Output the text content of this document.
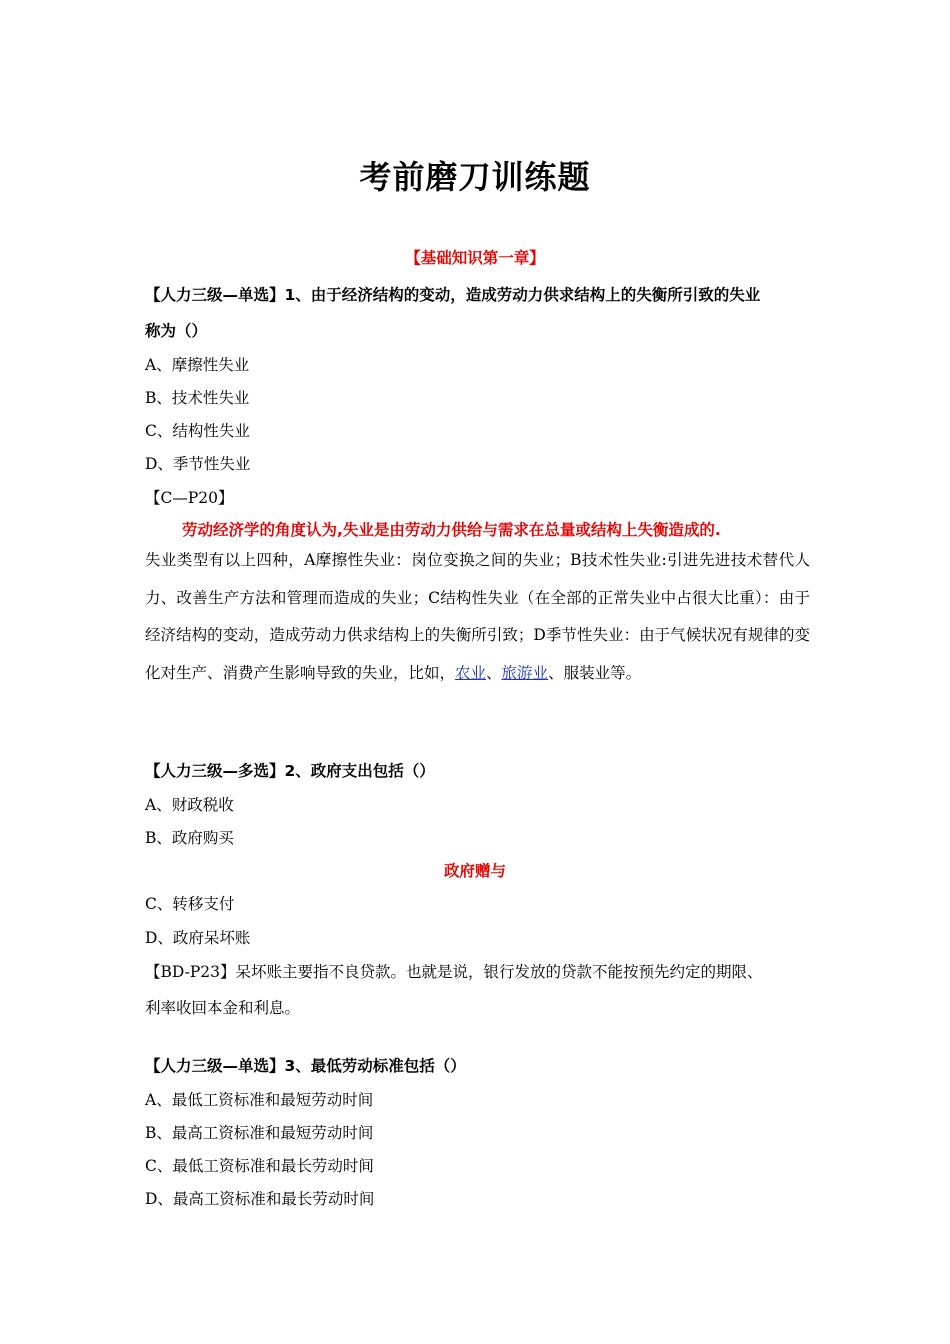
考前磨刀训练题
【基础知识第一章】
【人力三级—单选】1、由于经济结构的变动，造成劳动力供求结构上的失衡所引致的失业
称为（）
A、摩擦性失业
B、技术性失业
C、结构性失业
D、季节性失业
【C—P20】
劳动经济学的角度认为,失业是由劳动力供给与需求在总量或结构上失衡造成的.
失业类型有以上四种，A摩擦性失业：岗位变换之间的失业；B技术性失业:引进先进技术替代人力、改善生产方法和管理而造成的失业；C结构性失业（在全部的正常失业中占很大比重）：由于经济结构的变动，造成劳动力供求结构上的失衡所引致；D季节性失业：由于气候状况有规律的变化对生产、消费产生影响导致的失业，比如，农业、旅游业、服装业等。
【人力三级—多选】2、政府支出包括（）
A、财政税收
B、政府购买
政府赠与
C、转移支付
D、政府呆坏账
【BD-P23】呆坏账主要指不良贷款。也就是说，银行发放的贷款不能按预先约定的期限、
利率收回本金和利息。
【人力三级—单选】3、最低劳动标准包括（）
A、最低工资标准和最短劳动时间
B、最高工资标准和最短劳动时间
C、最低工资标准和最长劳动时间
D、最高工资标准和最长劳动时间
